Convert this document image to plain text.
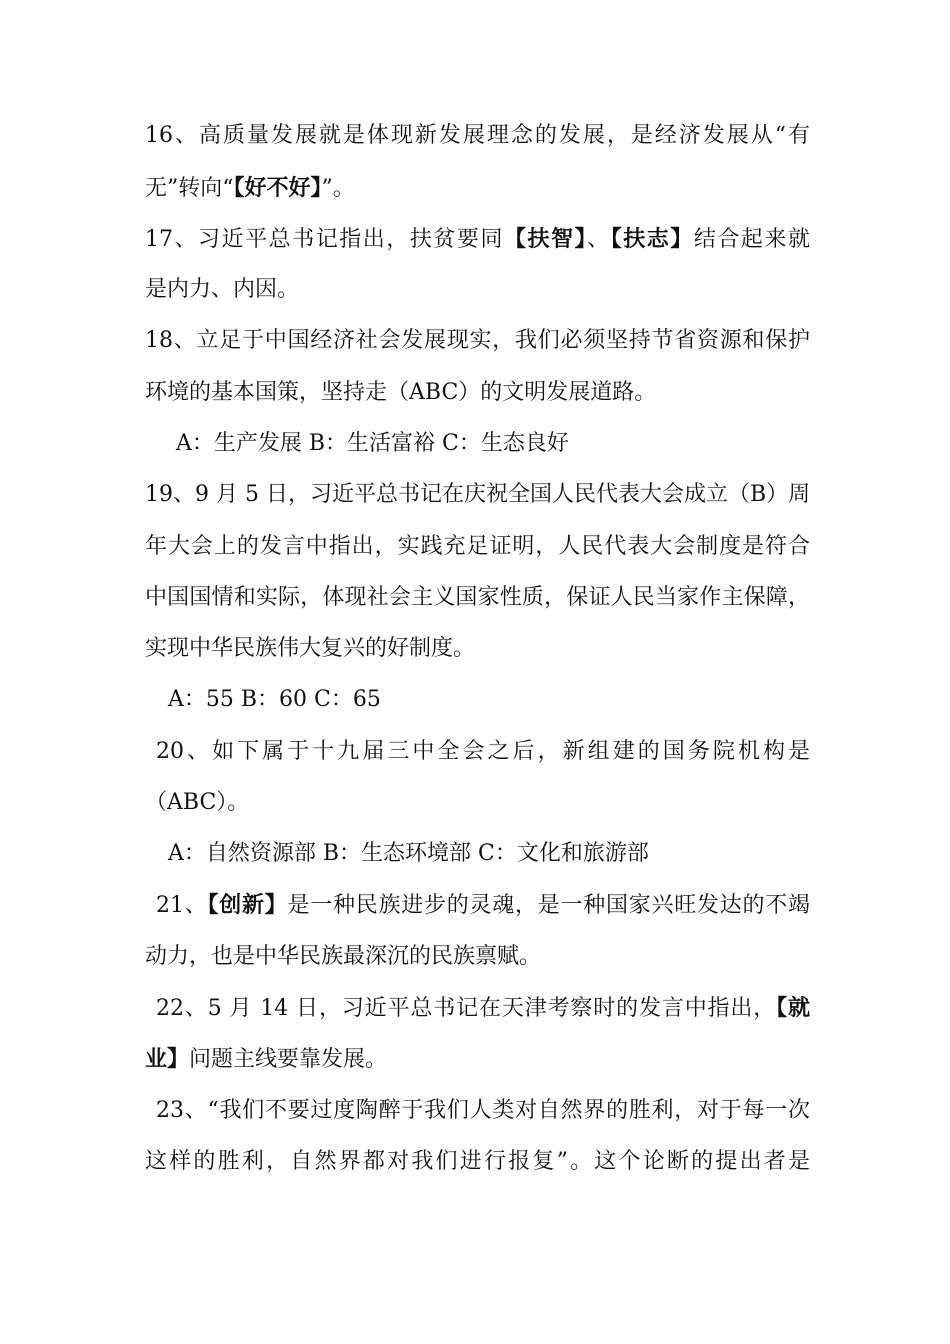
16、高质量发展就是体现新发展理念的发展，是经济发展从“有
无”转向“【好不好】”。
17、习近平总书记指出，扶贫要同【扶智】、【扶志】结合起来就
是内力、内因。
18、立足于中国经济社会发展现实，我们必须坚持节省资源和保护
环境的基本国策，坚持走（ABC）的文明发展道路。
A：生产发展 B：生活富裕 C：生态良好
19、9 月 5 日，习近平总书记在庆祝全国人民代表大会成立（B）周
年大会上的发言中指出，实践充足证明，人民代表大会制度是符合
中国国情和实际，体现社会主义国家性质，保证人民当家作主保障，
实现中华民族伟大复兴的好制度。
A：55 B：60 C：65
20、如下属于十九届三中全会之后，新组建的国务院机构是
（ABC）。
A：自然资源部 B：生态环境部 C：文化和旅游部
21、【创新】是一种民族进步的灵魂，是一种国家兴旺发达的不竭
动力，也是中华民族最深沉的民族禀赋。
22、5 月 14 日，习近平总书记在天津考察时的发言中指出，【就
业】问题主线要靠发展。
23、“我们不要过度陶醉于我们人类对自然界的胜利，对于每一次
这样的胜利，自然界都对我们进行报复”。这个论断的提出者是
